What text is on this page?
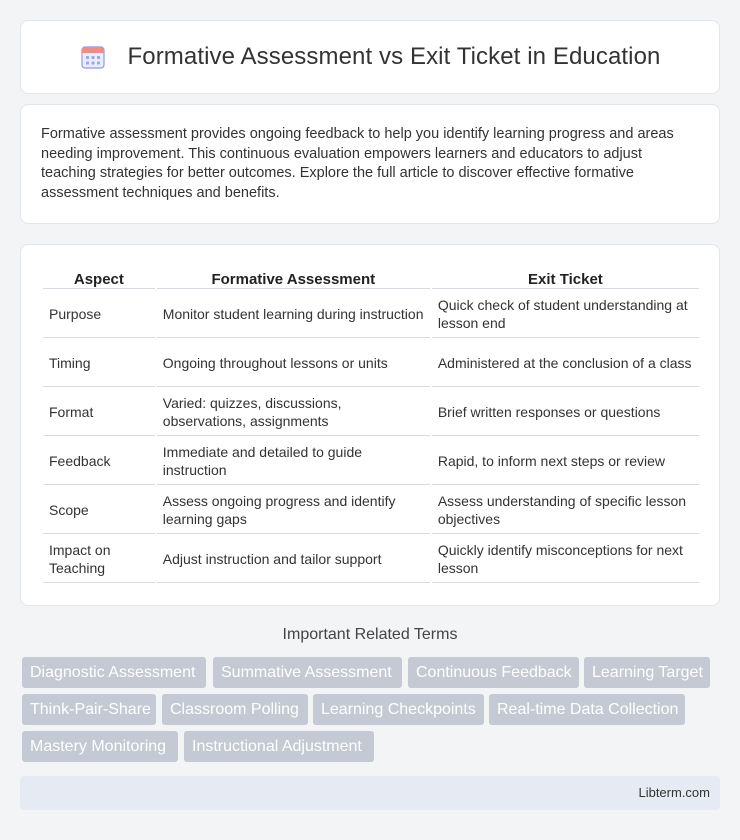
Formative Assessment vs Exit Ticket in Education

Formative assessment provides ongoing feedback to help you identify learning progress and areas needing improvement. This continuous evaluation empowers learners and educators to adjust teaching strategies for better outcomes. Explore the full article to discover effective formative assessment techniques and benefits.

Aspect	Formative Assessment	Exit Ticket
Purpose	Monitor student learning during instruction	Quick check of student understanding at lesson end
Timing	Ongoing throughout lessons or units	Administered at the conclusion of a class
Format	Varied: quizzes, discussions, observations, assignments	Brief written responses or questions
Feedback	Immediate and detailed to guide instruction	Rapid, to inform next steps or review
Scope	Assess ongoing progress and identify learning gaps	Assess understanding of specific lesson objectives
Impact on Teaching	Adjust instruction and tailor support	Quickly identify misconceptions for next lesson
Important Related Terms
Diagnostic Assessment	Summative Assessment	Continuous Feedback	Learning Target
Think-Pair-Share	Classroom Polling	Learning Checkpoints	Real-time Data Collection
Mastery Monitoring	Instructional Adjustment
Libterm.com
